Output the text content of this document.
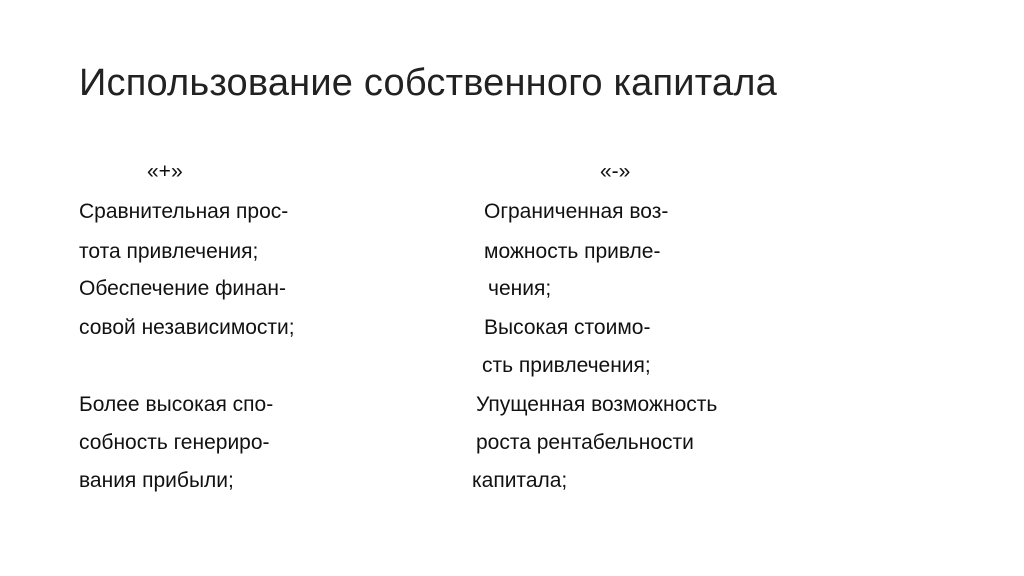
Использование собственного капитала
«+»
Сравнительная прос-
тота привлечения;
Обеспечение финан-
совой независимости;
Более высокая спо-
собность генериро-
вания прибыли;
«-»
Ограниченная воз-
можность привле-
чения;
Высокая стоимо-
сть привлечения;
Упущенная возможность
роста рентабельности
капитала;
